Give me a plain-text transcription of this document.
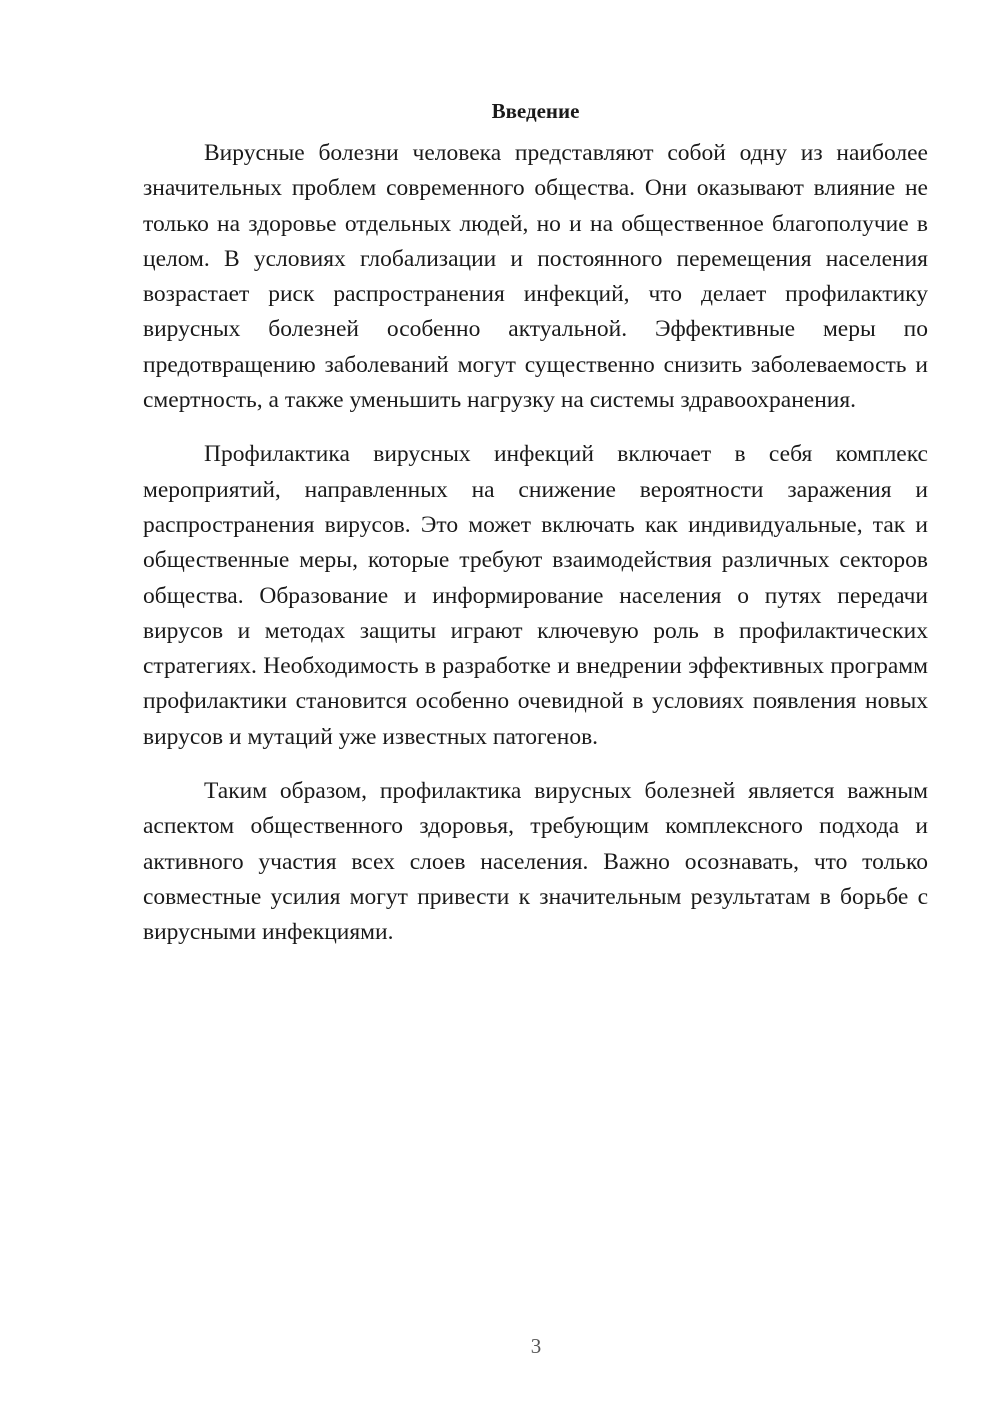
Введение

Вирусные болезни человека представляют собой одну из наиболее значительных проблем современного общества. Они оказывают влияние не только на здоровье отдельных людей, но и на общественное благополучие в целом. В условиях глобализации и постоянного перемещения населения возрастает риск распространения инфекций, что делает профилактику вирусных болезней особенно актуальной. Эффективные меры по предотвращению заболеваний могут существенно снизить заболеваемость и смертность, а также уменьшить нагрузку на системы здравоохранения.

Профилактика вирусных инфекций включает в себя комплекс мероприятий, направленных на снижение вероятности заражения и распространения вирусов. Это может включать как индивидуальные, так и общественные меры, которые требуют взаимодействия различных секторов общества. Образование и информирование населения о путях передачи вирусов и методах защиты играют ключевую роль в профилактических стратегиях. Необходимость в разработке и внедрении эффективных программ профилактики становится особенно очевидной в условиях появления новых вирусов и мутаций уже известных патогенов.

Таким образом, профилактика вирусных болезней является важным аспектом общественного здоровья, требующим комплексного подхода и активного участия всех слоев населения. Важно осознавать, что только совместные усилия могут привести к значительным результатам в борьбе с вирусными инфекциями.

3
